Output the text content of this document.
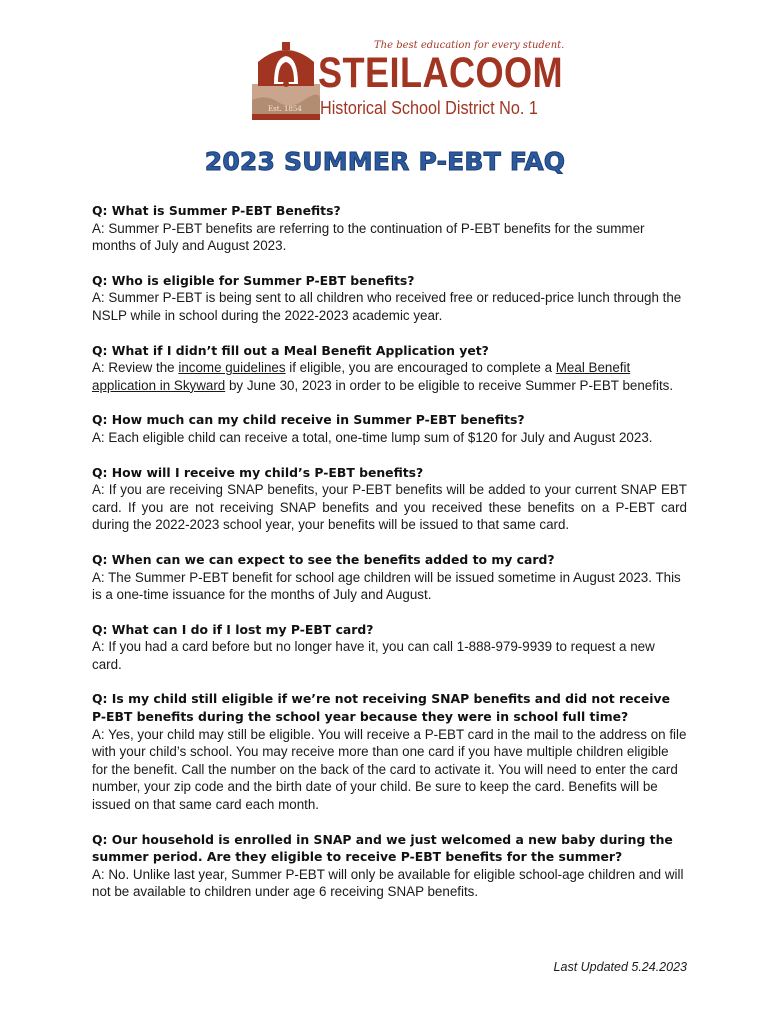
The best education for every student.
STEILACOOM
Historical School District No. 1
Est. 1854
2023 SUMMER P-EBT FAQ
Q: What is Summer P-EBT Benefits?
A: Summer P-EBT benefits are referring to the continuation of P-EBT benefits for the summer months of July and August 2023.
Q: Who is eligible for Summer P-EBT benefits?
A: Summer P-EBT is being sent to all children who received free or reduced-price lunch through the NSLP while in school during the 2022-2023 academic year.
Q: What if I didn’t fill out a Meal Benefit Application yet?
A: Review the income guidelines if eligible, you are encouraged to complete a Meal Benefit application in Skyward by June 30, 2023 in order to be eligible to receive Summer P-EBT benefits.
Q: How much can my child receive in Summer P-EBT benefits?
A: Each eligible child can receive a total, one-time lump sum of $120 for July and August 2023.
Q: How will I receive my child’s P-EBT benefits?
A: If you are receiving SNAP benefits, your P-EBT benefits will be added to your current SNAP EBT card. If you are not receiving SNAP benefits and you received these benefits on a P-EBT card during the 2022-2023 school year, your benefits will be issued to that same card.
Q: When can we can expect to see the benefits added to my card?
A: The Summer P-EBT benefit for school age children will be issued sometime in August 2023. This is a one-time issuance for the months of July and August.
Q: What can I do if I lost my P-EBT card?
A: If you had a card before but no longer have it, you can call 1-888-979-9939 to request a new card.
Q: Is my child still eligible if we’re not receiving SNAP benefits and did not receive P-EBT benefits during the school year because they were in school full time?
A: Yes, your child may still be eligible. You will receive a P-EBT card in the mail to the address on file with your child’s school. You may receive more than one card if you have multiple children eligible for the benefit. Call the number on the back of the card to activate it. You will need to enter the card number, your zip code and the birth date of your child. Be sure to keep the card. Benefits will be issued on that same card each month.
Q: Our household is enrolled in SNAP and we just welcomed a new baby during the summer period. Are they eligible to receive P-EBT benefits for the summer?
A: No. Unlike last year, Summer P-EBT will only be available for eligible school-age children and will not be available to children under age 6 receiving SNAP benefits.
Last Updated 5.24.2023
